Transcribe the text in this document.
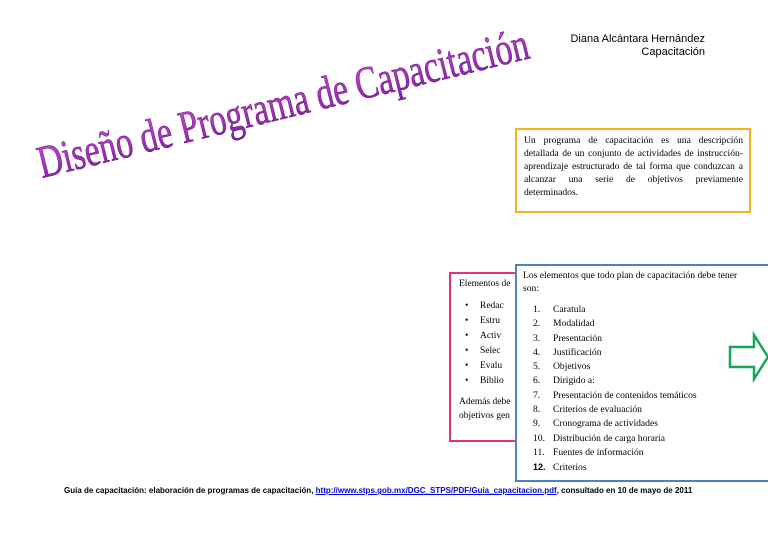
Diseño de Programa de Capacitación	Diana Alcántara Hernández
Capacitación
Un programa de capacitación es una descripción detallada de un conjunto de actividades de instrucción-aprendizaje estructurado de tal forma que conduzcan a alcanzar una serie de objetivos previamente determinados.
Elementos de
• Redac
• Estru
• Activ
• Selec
• Evalu
• Biblio
Además debe
objetivos gen
Los elementos que todo plan de capacitación debe tener son:
1. Caratula
2. Modalidad
3. Presentación
4. Justificación
5. Objetivos
6. Dirigido a:
7. Presentación de contenidos temáticos
8. Criterios de evaluación
9. Cronograma de actividades
10. Distribución de carga horaria
11. Fuentes de información
12. Criterios
Guía de capacitación: elaboración de programas de capacitación, http://www.stps.gob.mx/DGC_STPS/PDF/Guia_capacitacion.pdf, consultado en 10 de mayo de 2011
